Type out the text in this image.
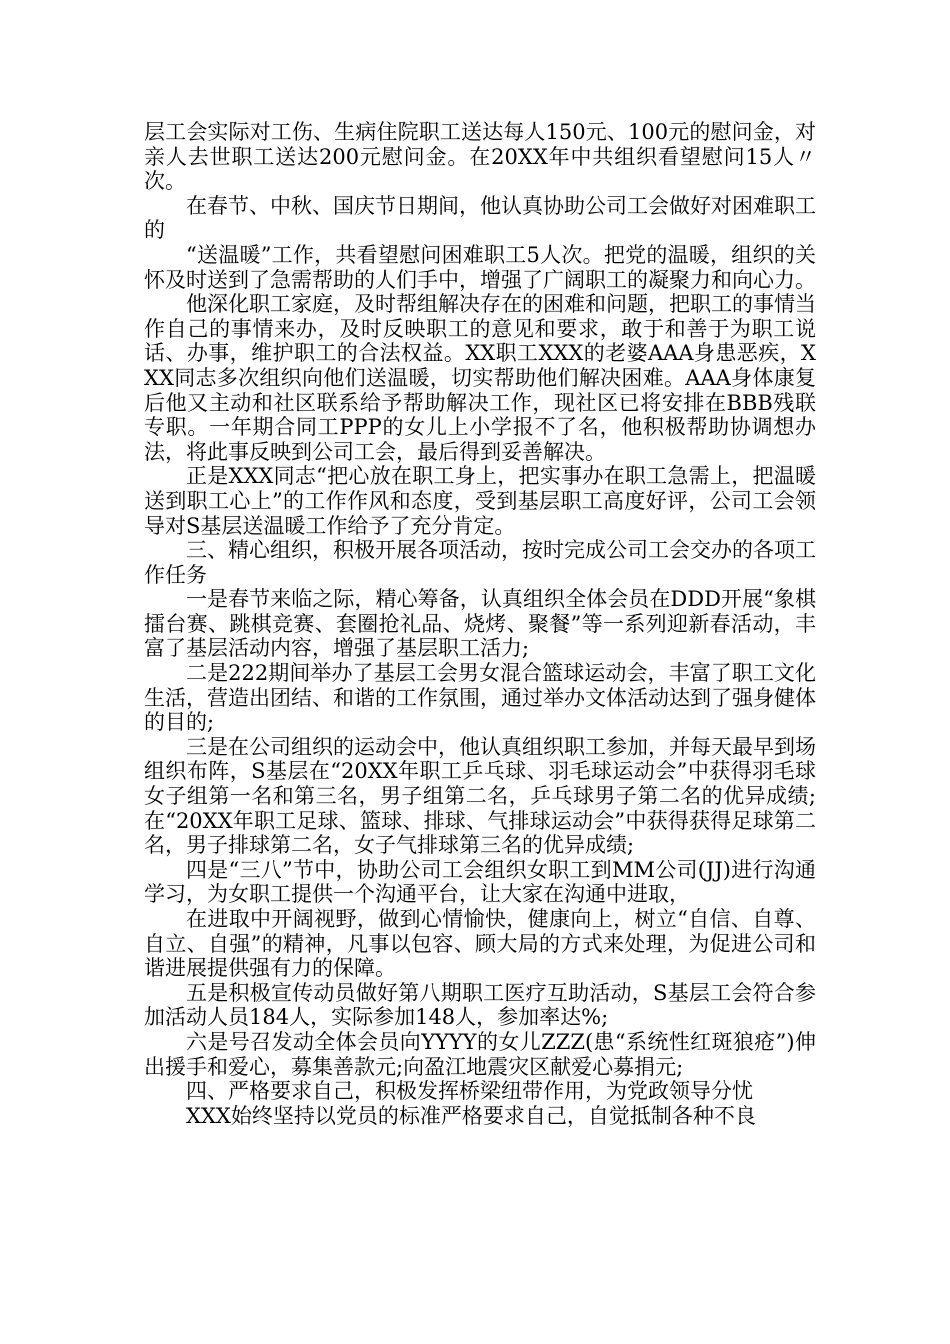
层工会实际对工伤、生病住院职工送达每人150元、100元的慰问金，对亲人去世职工送达200元慰问金。在20XX年中共组织看望慰问15人〃次。

在春节、中秋、国庆节日期间，他认真协助公司工会做好对困难职工的

“送温暖”工作，共看望慰问困难职工5人次。把党的温暖，组织的关怀及时送到了急需帮助的人们手中，增强了广阔职工的凝聚力和向心力。

他深化职工家庭，及时帮组解决存在的困难和问题，把职工的事情当作自己的事情来办，及时反映职工的意见和要求，敢于和善于为职工说话、办事，维护职工的合法权益。XX职工XXX的老婆AAA身患恶疾，XXX同志多次组织向他们送温暖，切实帮助他们解决困难。AAA身体康复后他又主动和社区联系给予帮助解决工作，现社区已将安排在BBB残联专职。一年期合同工PPP的女儿上小学报不了名，他积极帮助协调想办法，将此事反映到公司工会，最后得到妥善解决。

正是XXX同志“把心放在职工身上，把实事办在职工急需上，把温暖送到职工心上”的工作作风和态度，受到基层职工高度好评，公司工会领导对S基层送温暖工作给予了充分肯定。

三、精心组织，积极开展各项活动，按时完成公司工会交办的各项工作任务

一是春节来临之际，精心筹备，认真组织全体会员在DDD开展“象棋擂台赛、跳棋竞赛、套圈抢礼品、烧烤、聚餐”等一系列迎新春活动，丰富了基层活动内容，增强了基层职工活力;

二是222期间举办了基层工会男女混合篮球运动会，丰富了职工文化生活，营造出团结、和谐的工作氛围，通过举办文体活动达到了强身健体的目的;

三是在公司组织的运动会中，他认真组织职工参加，并每天最早到场组织布阵，S基层在“20XX年职工乒乓球、羽毛球运动会”中获得羽毛球女子组第一名和第三名，男子组第二名，乒乓球男子第二名的优异成绩;在“20XX年职工足球、篮球、排球、气排球运动会”中获得获得足球第二名，男子排球第二名，女子气排球第三名的优异成绩;

四是“三八”节中，协助公司工会组织女职工到MM公司(JJ)进行沟通学习，为女职工提供一个沟通平台，让大家在沟通中进取，

在进取中开阔视野，做到心情愉快，健康向上，树立“自信、自尊、自立、自强”的精神，凡事以包容、顾大局的方式来处理，为促进公司和谐进展提供强有力的保障。

五是积极宣传动员做好第八期职工医疗互助活动，S基层工会符合参加活动人员184人，实际参加148人，参加率达%;

六是号召发动全体会员向YYYY的女儿ZZZ(患“系统性红斑狼疮”)伸出援手和爱心，募集善款元;向盈江地震灾区献爱心募捐元;

四、严格要求自己，积极发挥桥梁纽带作用，为党政领导分忧

XXX始终坚持以党员的标准严格要求自己，自觉抵制各种不良
